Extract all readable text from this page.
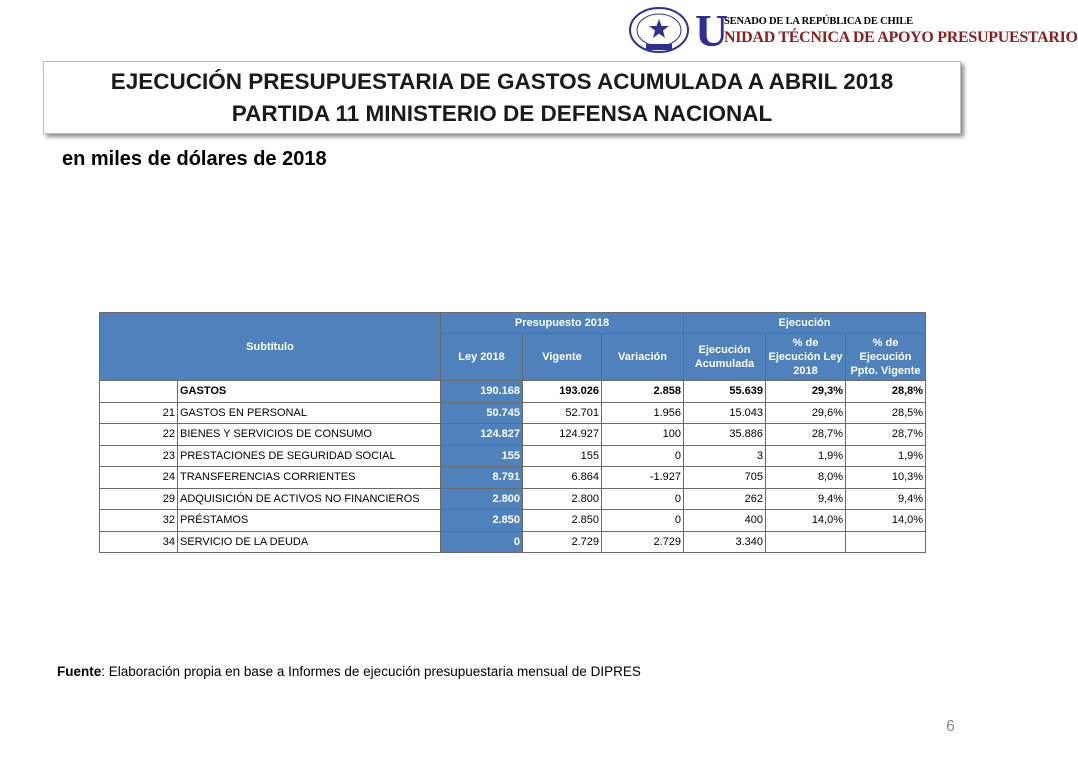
U
SENADO DE LA REPÚBLICA DE CHILE
NIDAD TÉCNICA DE APOYO PRESUPUESTARIO
EJECUCIÓN PRESUPUESTARIA DE GASTOS ACUMULADA A ABRIL 2018
PARTIDA 11 MINISTERIO DE DEFENSA NACIONAL
en miles de dólares de 2018
Subtítulo		Presupuesto 2018			Ejecución		
		Ley 2018	Vigente	Variación	Ejecución Acumulada	% de Ejecución Ley 2018	% de Ejecución Ppto. Vigente
	GASTOS	190.168	193.026	2.858	55.639	29,3%	28,8%
21	GASTOS EN PERSONAL	50.745	52.701	1.956	15.043	29,6%	28,5%
22	BIENES Y SERVICIOS DE CONSUMO	124.827	124.927	100	35.886	28,7%	28,7%
23	PRESTACIONES DE SEGURIDAD SOCIAL	155	155	0	3	1,9%	1,9%
24	TRANSFERENCIAS CORRIENTES	8.791	6.864	-1.927	705	8,0%	10,3%
29	ADQUISICIÓN DE ACTIVOS NO FINANCIEROS	2.800	2.800	0	262	9,4%	9,4%
32	PRÉSTAMOS	2.850	2.850	0	400	14,0%	14,0%
34	SERVICIO DE LA DEUDA	0	2.729	2.729	3.340		
Fuente: Elaboración propia en base a Informes de ejecución presupuestaria mensual de DIPRES
6
